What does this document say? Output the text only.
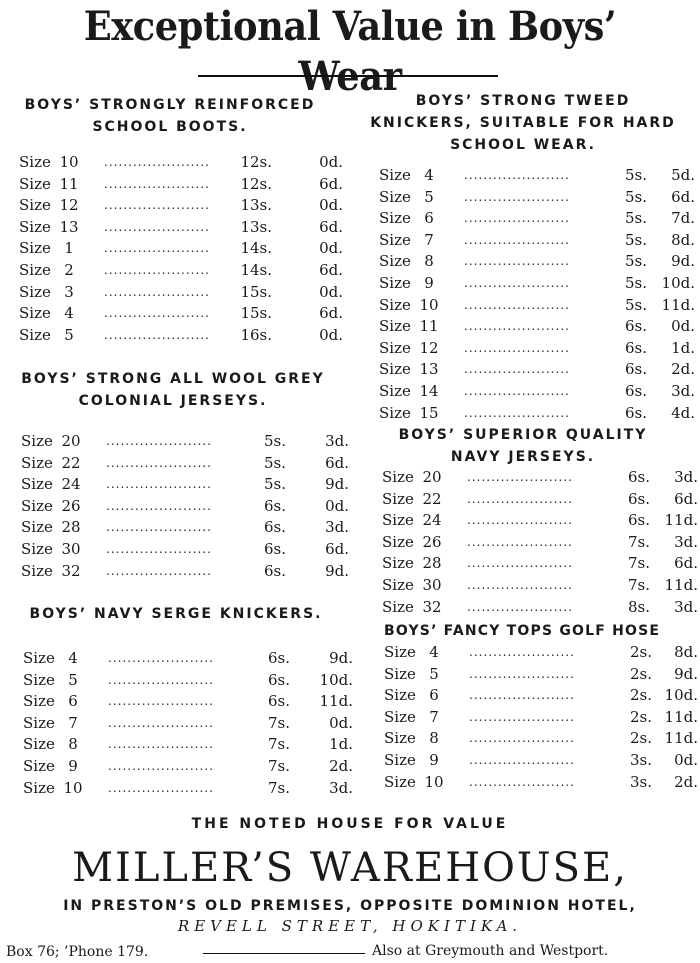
Exceptional Value in Boys’ Wear
BOYS’ STRONGLY REINFORCED
SCHOOL BOOTS.
Size 10 ......................	12s.	0d.
Size 11 ......................	12s.	6d.
Size 12 ......................	13s.	0d.
Size 13 ......................	13s.	6d.
Size 1	......................	14s.	0d.
Size 2	......................	14s.	6d.
Size 3	......................	15s.	0d.
Size 4	......................	15s.	6d.
Size 5	......................	16s.	0d.
BOYS’ STRONG ALL WOOL GREY
COLONIAL JERSEYS.
Size 20 ......................	5s.	3d.
Size 22 ......................	5s.	6d.
Size 24 ......................	5s.	9d.
Size 26 ......................	6s.	0d.
Size 28 ......................	6s.	3d.
Size 30 ......................	6s.	6d.
Size 32 ......................	6s.	9d.
BOYS’ NAVY SERGE KNICKERS.
Size 4	......................	6s.	9d.
Size 5	......................	6s.	10d.
Size 6	......................	6s.	11d.
Size 7	......................	7s.	0d.
Size 8	......................	7s.	1d.
Size 9	......................	7s.	2d.
Size 10 ......................	7s.	3d.
BOYS’ STRONG TWEED
KNICKERS, SUITABLE FOR HARD
SCHOOL WEAR.
Size 4	......................	5s.	5d.
Size 5	......................	5s.	6d.
Size 6	......................	5s.	7d.
Size 7	......................	5s.	8d.
Size 8	......................	5s.	9d.
Size 9	......................	5s. 10d.
Size 10 ......................	5s. 11d.
Size 11 ......................	6s.	0d.
Size 12 ......................	6s.	1d.
Size 13 ......................	6s.	2d.
Size 14 ......................	6s.	3d.
Size 15 ......................	6s.	4d.
BOYS’ SUPERIOR QUALITY
NAVY JERSEYS.
Size 20 ......................	6s.	3d.
Size 22 ......................	6s.	6d.
Size 24 ......................	6s. 11d.
Size 26 ......................	7s.	3d.
Size 28 ......................	7s.	6d.
Size 30 ......................	7s. 11d.
Size 32 ......................	8s.	3d.
BOYS’ FANCY TOPS GOLF HOSE
Size 4	......................	2s.	8d.
Size 5	......................	2s.	9d.
Size 6	......................	2s. 10d.
Size 7	......................	2s. 11d.
Size 8	......................	2s. 11d.
Size 9	......................	3s.	0d.
Size 10 ......................	3s.	2d.
THE NOTED HOUSE FOR VALUE
MILLER’S WAREHOUSE,
IN PRESTON’S OLD PREMISES, OPPOSITE DOMINION HOTEL,
REVELL STREET, HOKITIKA.
Box 76; ’Phone 179.	Also at Greymouth and Westport.
